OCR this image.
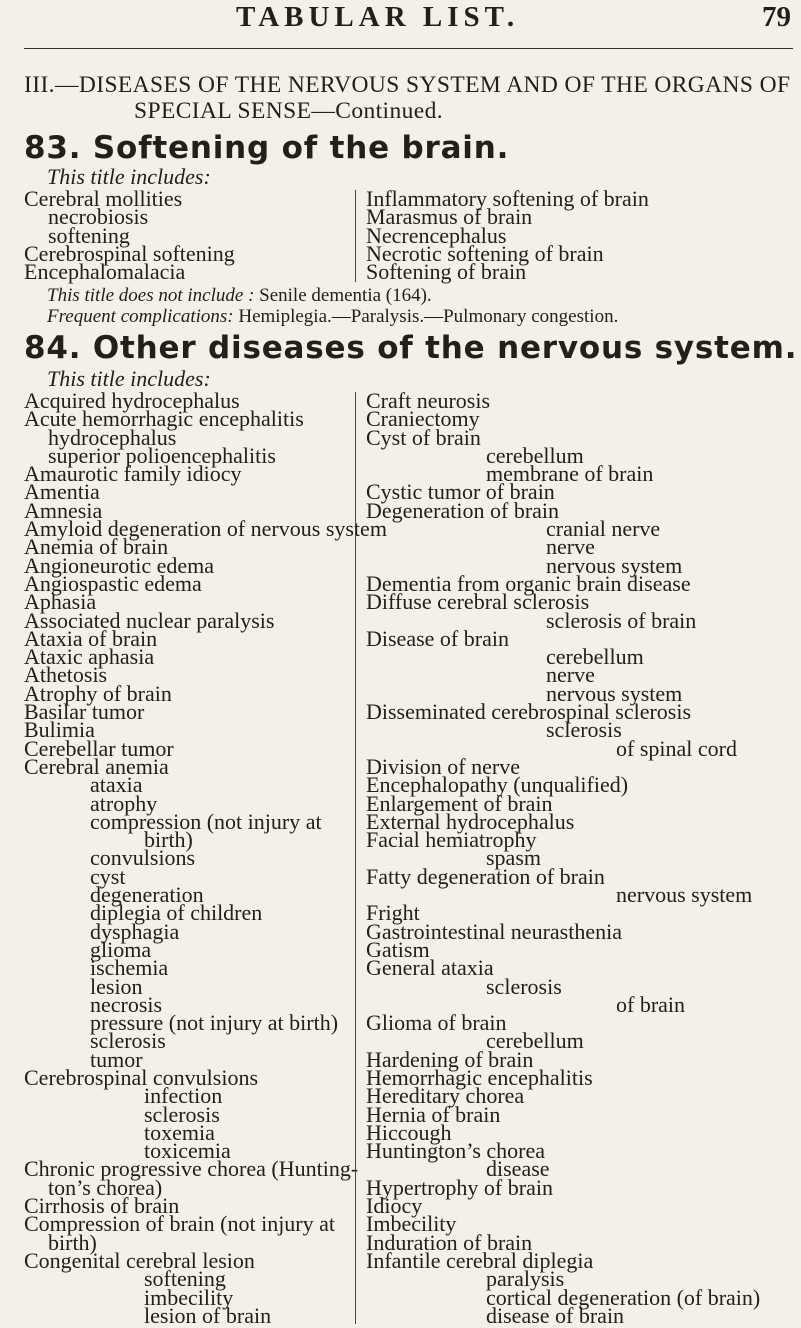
TABULAR LIST.	79
III.—DISEASES OF THE NERVOUS SYSTEM AND OF THE ORGANS OF
SPECIAL SENSE—Continued.
83. Softening of the brain.
This title includes:
Cerebral mollities
necrobiosis
softening
Cerebrospinal softening
Encephalomalacia
Inflammatory softening of brain
Marasmus of brain
Necrencephalus
Necrotic softening of brain
Softening of brain
This title does not include : Senile dementia (164).
Frequent complications: Hemiplegia.—Paralysis.—Pulmonary congestion.
84. Other diseases of the nervous system.
This title includes:
Acquired hydrocephalus
Acute hemorrhagic encephalitis
hydrocephalus
superior polioencephalitis
Amaurotic family idiocy
Amentia
Amnesia
Amyloid degeneration of nervous system
Anemia of brain
Angioneurotic edema
Angiospastic edema
Aphasia
Associated nuclear paralysis
Ataxia of brain
Ataxic aphasia
Athetosis
Atrophy of brain
Basilar tumor
Bulimia
Cerebellar tumor
Cerebral anemia
ataxia
atrophy
compression (not injury at
birth)
convulsions
cyst
degeneration
diplegia of children
dysphagia
glioma
ischemia
lesion
necrosis
pressure (not injury at birth)
sclerosis
tumor
Cerebrospinal convulsions
infection
sclerosis
toxemia
toxicemia
Chronic progressive chorea (Hunting-
ton’s chorea)
Cirrhosis of brain
Compression of brain (not injury at
birth)
Congenital cerebral lesion
softening
imbecility
lesion of brain
Craft neurosis
Craniectomy
Cyst of brain
cerebellum
membrane of brain
Cystic tumor of brain
Degeneration of brain
cranial nerve
nerve
nervous system
Dementia from organic brain disease
Diffuse cerebral sclerosis
sclerosis of brain
Disease of brain
cerebellum
nerve
nervous system
Disseminated cerebrospinal sclerosis
sclerosis
of spinal cord
Division of nerve
Encephalopathy (unqualified)
Enlargement of brain
External hydrocephalus
Facial hemiatrophy
spasm
Fatty degeneration of brain
nervous system
Fright
Gastrointestinal neurasthenia
Gatism
General ataxia
sclerosis
of brain
Glioma of brain
cerebellum
Hardening of brain
Hemorrhagic encephalitis
Hereditary chorea
Hernia of brain
Hiccough
Huntington’s chorea
disease
Hypertrophy of brain
Idiocy
Imbecility
Induration of brain
Infantile cerebral diplegia
paralysis
cortical degeneration (of brain)
disease of brain
